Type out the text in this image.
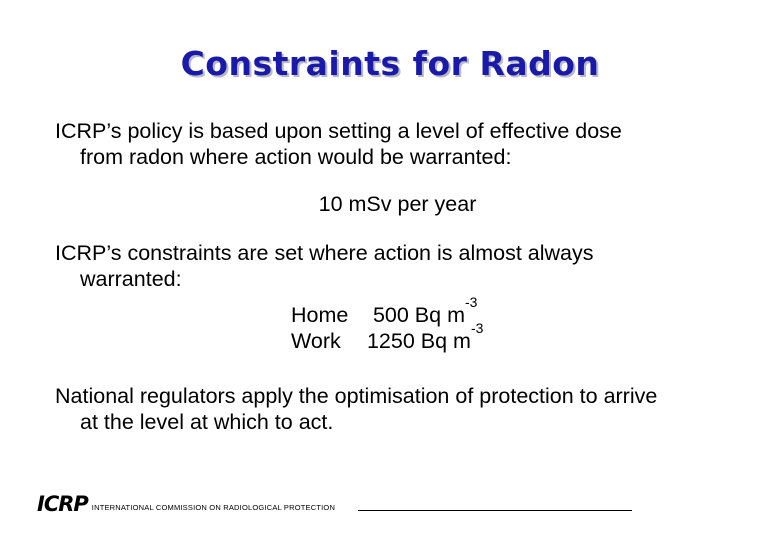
Constraints for Radon
ICRP’s policy is based upon setting a level of effective dose
from radon where action would be warranted:
10 mSv per year
ICRP’s constraints are set where action is almost always
warranted:
Home 500 Bq m
-3
Work 1250 Bq m
-3
National regulators apply the optimisation of protection to arrive
at the level at which to act.
ICRP INTERNATIONAL COMMISSION ON RADIOLOGICAL PROTECTION
